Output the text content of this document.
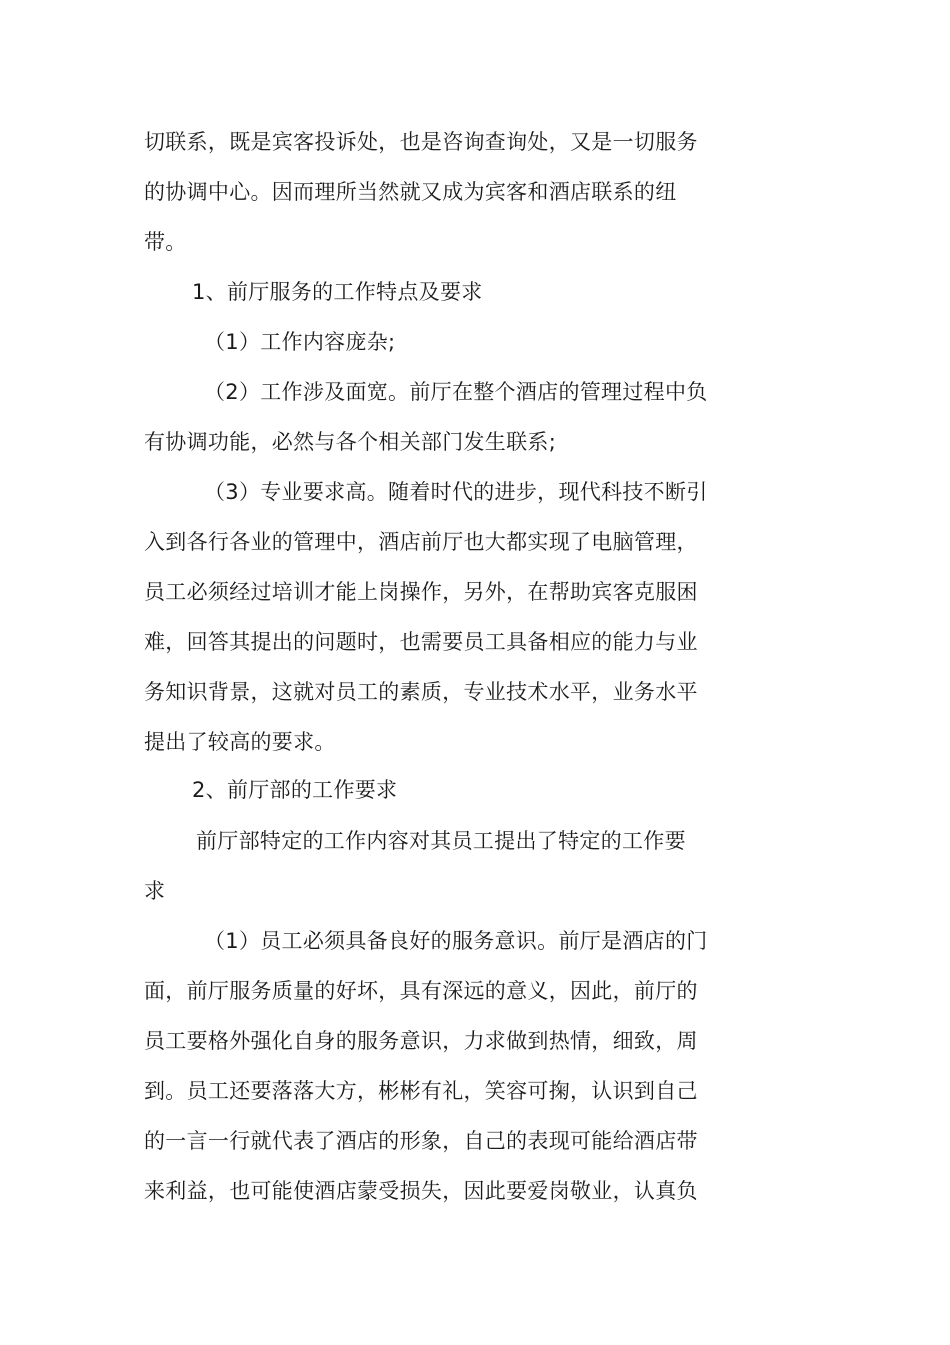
切联系，既是宾客投诉处，也是咨询查询处，又是一切服务

的协调中心。因而理所当然就又成为宾客和酒店联系的纽

带。

1、前厅服务的工作特点及要求

（1）工作内容庞杂;

（2）工作涉及面宽。前厅在整个酒店的管理过程中负

有协调功能，必然与各个相关部门发生联系;

（3）专业要求高。随着时代的进步，现代科技不断引

入到各行各业的管理中，酒店前厅也大都实现了电脑管理，

员工必须经过培训才能上岗操作，另外，在帮助宾客克服困

难，回答其提出的问题时，也需要员工具备相应的能力与业

务知识背景，这就对员工的素质，专业技术水平，业务水平

提出了较高的要求。

2、前厅部的工作要求

前厅部特定的工作内容对其员工提出了特定的工作要

求

（1）员工必须具备良好的服务意识。前厅是酒店的门

面，前厅服务质量的好坏，具有深远的意义，因此，前厅的

员工要格外强化自身的服务意识，力求做到热情，细致，周

到。员工还要落落大方，彬彬有礼，笑容可掬，认识到自己

的一言一行就代表了酒店的形象，自己的表现可能给酒店带

来利益，也可能使酒店蒙受损失，因此要爱岗敬业，认真负
